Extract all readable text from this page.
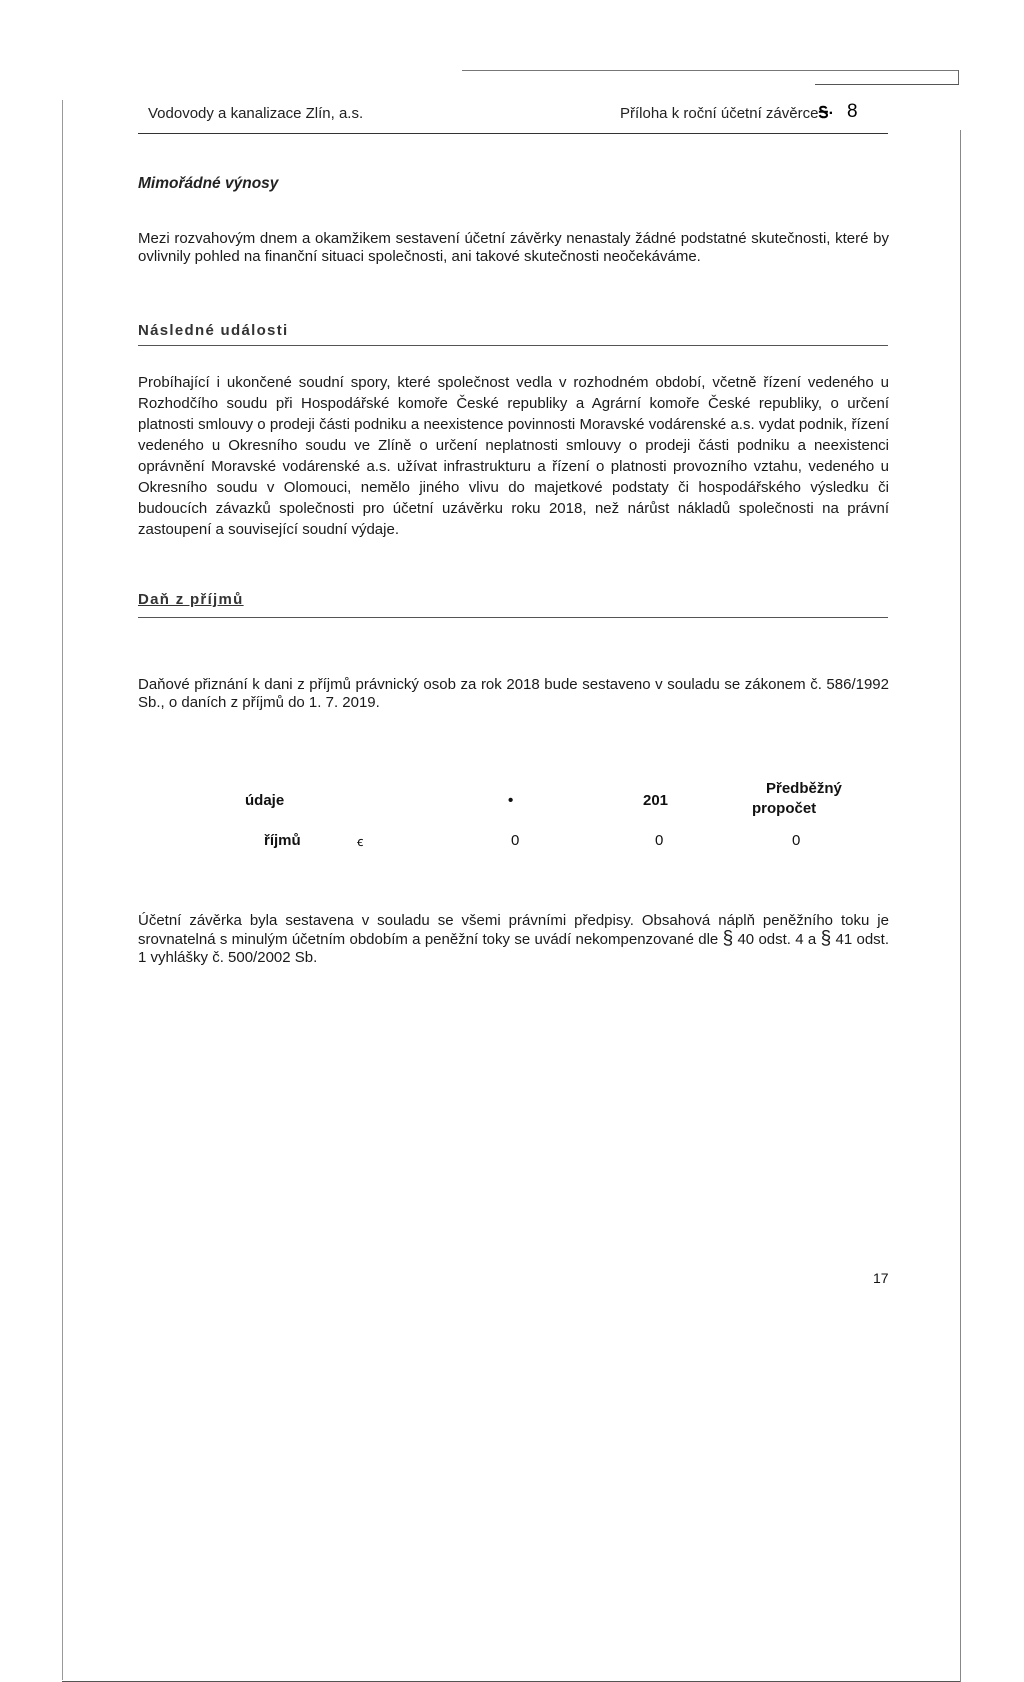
Vodovody a kanalizace Zlín, a.s.	Příloha k roční účetní závěrceᎦ· 8
Mimořádné výnosy
Mezi rozvahovým dnem a okamžikem sestavení účetní závěrky nenastaly žádné podstatné skutečnosti, které by ovlivnily pohled na finanční situaci společnosti, ani takové skutečnosti neočekáváme.
Následné události
Probíhající i ukončené soudní spory, které společnost vedla v rozhodném období, včetně řízení vedeného u Rozhodčího soudu při Hospodářské komoře České republiky a Agrární komoře České republiky, o určení platnosti smlouvy o prodeji části podniku a neexistence povinnosti Moravské vodárenské a.s. vydat podnik, řízení vedeného u Okresního soudu ve Zlíně o určení neplatnosti smlouvy o prodeji části podniku a neexistenci oprávnění Moravské vodárenské a.s. užívat infrastrukturu a řízení o platnosti provozního vztahu, vedeného u Okresního soudu v Olomouci, nemělo jiného vlivu do majetkové podstaty či hospodářského výsledku či budoucích závazků společnosti pro účetní uzávěrku roku 2018, než nárůst nákladů společnosti na právní zastoupení a související soudní výdaje.
Daň z příjmů
Daňové přiznání k dani z příjmů právnický osob za rok 2018 bude sestaveno v souladu se zákonem č. 586/1992 Sb., o daních z příjmů do 1. 7. 2019.
údaje	•	201
Předběžný
propočet
říjmů	ꞓ	0	0	0
Účetní závěrka byla sestavena v souladu se všemi právními předpisy. Obsahová náplň peněžního toku je srovnatelná s minulým účetním obdobím a peněžní toky se uvádí nekompenzované dle § 40 odst. 4 a § 41 odst. 1 vyhlášky č. 500/2002 Sb.
17
